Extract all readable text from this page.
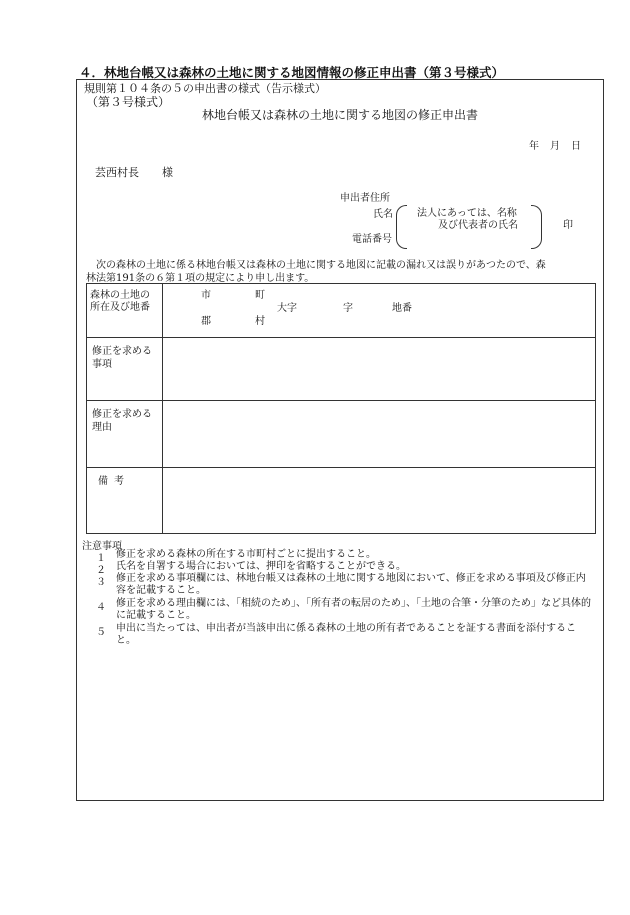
４．林地台帳又は森林の土地に関する地図情報の修正申出書（第３号様式）
規則第１０４条の５の申出書の様式（告示様式）
（第３号様式）
林地台帳又は森林の土地に関する地図の修正申出書
年 月 日
芸西村長 様
申出者住所
氏名 法人にあっては、名称
及び代表者の氏名	印
電話番号
次の森林の土地に係る林地台帳又は森林の土地に関する地図に記載の漏れ又は誤りがあつたので、森
林法第191条の６第１項の規定により申し出ます。
森林の土地の
所在及び地番
市	町
大字	字	地番
郡	村
修正を求める
事項
修正を求める
理由
備考
注意事項
１ 修正を求める森林の所在する市町村ごとに提出すること。
２ 氏名を自署する場合においては、押印を省略することができる。
３ 修正を求める事項欄には、林地台帳又は森林の土地に関する地図において、修正を求める事項及び修正内容を記載すること。
４ 修正を求める理由欄には、「相続のため」、「所有者の転居のため」、「土地の合筆・分筆のため」など具体的に記載すること。
５ 申出に当たっては、申出者が当該申出に係る森林の土地の所有者であることを証する書面を添付すること。
